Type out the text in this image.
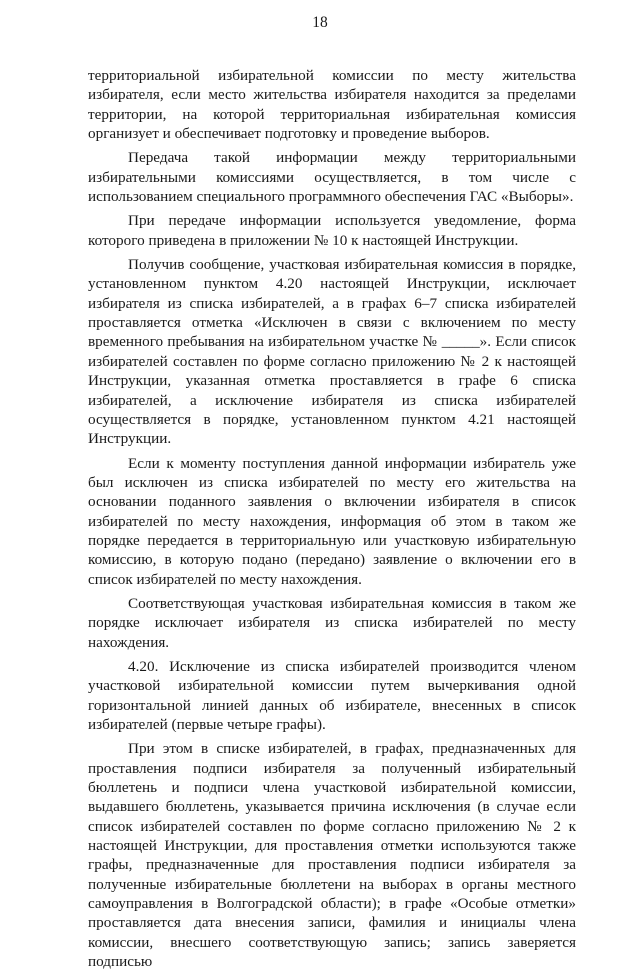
18

территориальной избирательной комиссии по месту жительства избирателя, если место жительства избирателя находится за пределами территории, на которой территориальная избирательная комиссия организует и обеспечивает подготовку и проведение выборов.

Передача такой информации между территориальными избирательными комиссиями осуществляется, в том числе с использованием специального программного обеспечения ГАС «Выборы».

При передаче информации используется уведомление, форма которого приведена в приложении № 10 к настоящей Инструкции.

Получив сообщение, участковая избирательная комиссия в порядке, установленном пунктом 4.20 настоящей Инструкции, исключает избирателя из списка избирателей, а в графах 6–7 списка избирателей проставляется отметка «Исключен в связи с включением по месту временного пребывания на избирательном участке № _____». Если список избирателей составлен по форме согласно приложению № 2 к настоящей Инструкции, указанная отметка проставляется в графе 6 списка избирателей, а исключение избирателя из списка избирателей осуществляется в порядке, установленном пунктом 4.21 настоящей Инструкции.

Если к моменту поступления данной информации избиратель уже был исключен из списка избирателей по месту его жительства на основании поданного заявления о включении избирателя в список избирателей по месту нахождения, информация об этом в таком же порядке передается в территориальную или участковую избирательную комиссию, в которую подано (передано) заявление о включении его в список избирателей по месту нахождения.

Соответствующая участковая избирательная комиссия в таком же порядке исключает избирателя из списка избирателей по месту нахождения.

4.20. Исключение из списка избирателей производится членом участковой избирательной комиссии путем вычеркивания одной горизонтальной линией данных об избирателе, внесенных в список избирателей (первые четыре графы).

При этом в списке избирателей, в графах, предназначенных для проставления подписи избирателя за полученный избирательный бюллетень и подписи члена участковой избирательной комиссии, выдавшего бюллетень, указывается причина исключения (в случае если список избирателей составлен по форме согласно приложению № 2 к настоящей Инструкции, для проставления отметки используются также графы, предназначенные для проставления подписи избирателя за полученные избирательные бюллетени на выборах в органы местного самоуправления в Волгоградской области); в графе «Особые отметки» проставляется дата внесения записи, фамилия и инициалы члена комиссии, внесшего соответствующую запись; запись заверяется подписью
